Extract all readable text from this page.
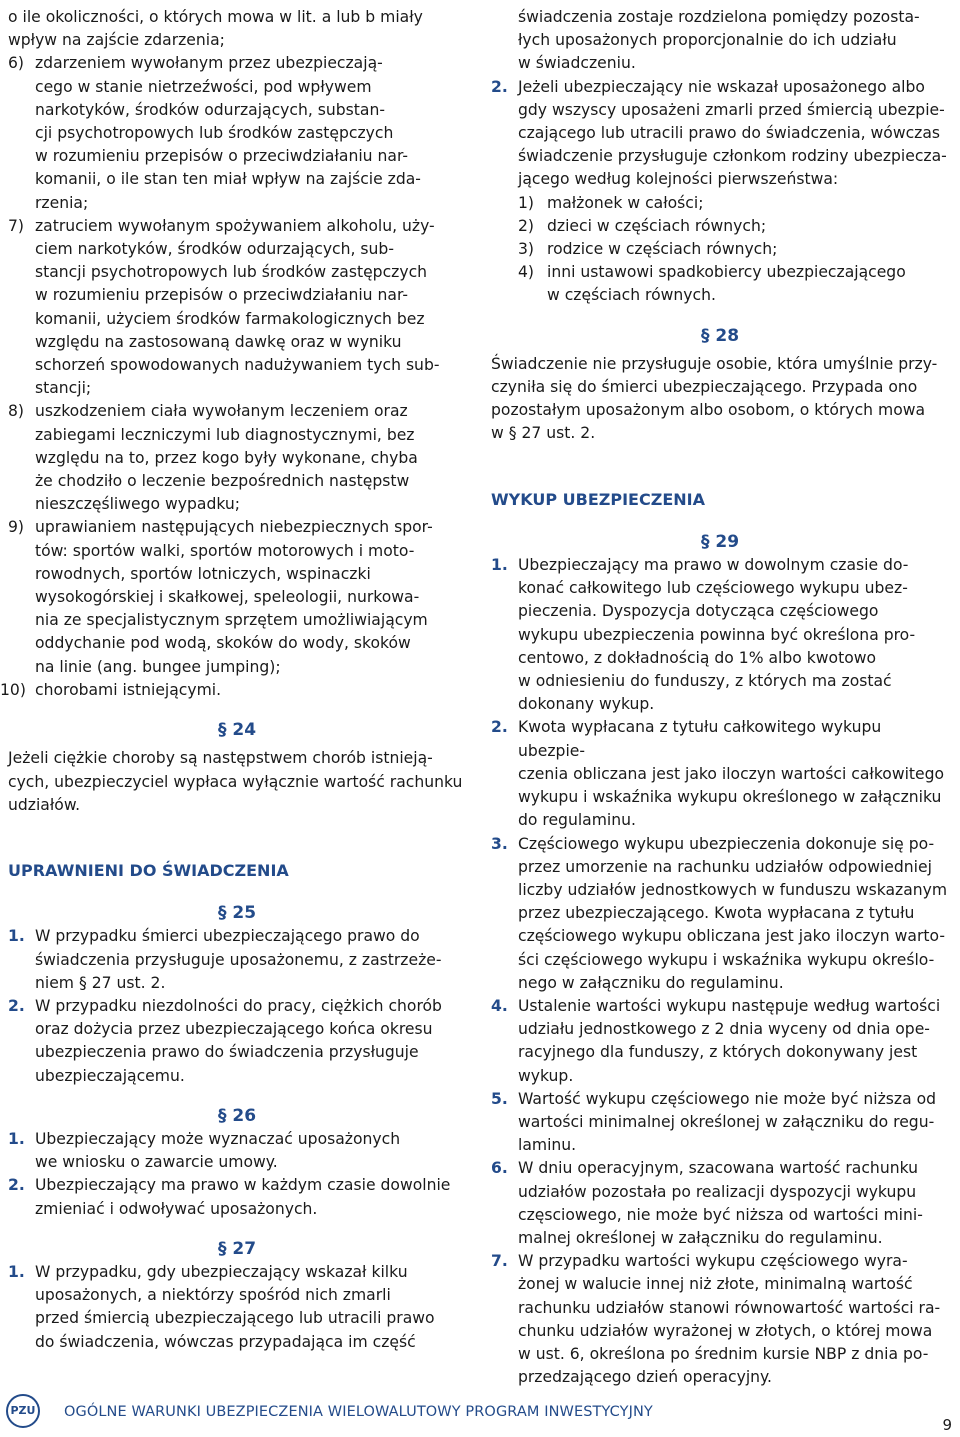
o ile okoliczności, o których mowa w lit. a lub b miały
wpływ na zajście zdarzenia;
6) zdarzeniem wywołanym przez ubezpieczają-
cego w stanie nietrzeźwości, pod wpływem
narkotyków, środków odurzających, substan-
cji psychotropowych lub środków zastępczych
w rozumieniu przepisów o przeciwdziałaniu nar-
komanii, o ile stan ten miał wpływ na zajście zda-
rzenia;
7) zatruciem wywołanym spożywaniem alkoholu, uży-
ciem narkotyków, środków odurzających, sub-
stancji psychotropowych lub środków zastępczych
w rozumieniu przepisów o przeciwdziałaniu nar-
komanii, użyciem środków farmakologicznych bez
względu na zastosowaną dawkę oraz w wyniku
schorzeń spowodowanych nadużywaniem tych sub-
stancji;
8) uszkodzeniem ciała wywołanym leczeniem oraz
zabiegami leczniczymi lub diagnostycznymi, bez
względu na to, przez kogo były wykonane, chyba
że chodziło o leczenie bezpośrednich następstw
nieszczęśliwego wypadku;
9) uprawianiem następujących niebezpiecznych spor-
tów: sportów walki, sportów motorowych i moto-
rowodnych, sportów lotniczych, wspinaczki
wysokogórskiej i skałkowej, speleologii, nurkowa-
nia ze specjalistycznym sprzętem umożliwiającym
oddychanie pod wodą, skoków do wody, skoków
na linie (ang. bungee jumping);
10) chorobami istniejącymi.
§ 24
Jeżeli ciężkie choroby są następstwem chorób istnieją-
cych, ubezpieczyciel wypłaca wyłącznie wartość rachunku
udziałów.
UPRAWNIENI DO ŚWIADCZENIA
§ 25
1. W przypadku śmierci ubezpieczającego prawo do
świadczenia przysługuje uposażonemu, z zastrzeże-
niem § 27 ust. 2.
2. W przypadku niezdolności do pracy, ciężkich chorób
oraz dożycia przez ubezpieczającego końca okresu
ubezpieczenia prawo do świadczenia przysługuje
ubezpieczającemu.
§ 26
1. Ubezpieczający może wyznaczać uposażonych
we wniosku o zawarcie umowy.
2. Ubezpieczający ma prawo w każdym czasie dowolnie
zmieniać i odwoływać uposażonych.
§ 27
1. W przypadku, gdy ubezpieczający wskazał kilku
uposażonych, a niektórzy spośród nich zmarli
przed śmiercią ubezpieczającego lub utracili prawo
do świadczenia, wówczas przypadająca im część
świadczenia zostaje rozdzielona pomiędzy pozosta-
łych uposażonych proporcjonalnie do ich udziału
w świadczeniu.
2. Jeżeli ubezpieczający nie wskazał uposażonego albo
gdy wszyscy uposażeni zmarli przed śmiercią ubezpie-
czającego lub utracili prawo do świadczenia, wówczas
świadczenie przysługuje członkom rodziny ubezpiecza-
jącego według kolejności pierwszeństwa:
1) małżonek w całości;
2) dzieci w częściach równych;
3) rodzice w częściach równych;
4) inni ustawowi spadkobiercy ubezpieczającego
w częściach równych.
§ 28
Świadczenie nie przysługuje osobie, która umyślnie przy-
czyniła się do śmierci ubezpieczającego. Przypada ono
pozostałym uposażonym albo osobom, o których mowa
w § 27 ust. 2.
WYKUP UBEZPIECZENIA
§ 29
1. Ubezpieczający ma prawo w dowolnym czasie do-
konać całkowitego lub częściowego wykupu ubez-
pieczenia. Dyspozycja dotycząca częściowego
wykupu ubezpieczenia powinna być określona pro-
centowo, z dokładnością do 1% albo kwotowo
w odniesieniu do funduszy, z których ma zostać
dokonany wykup.
2. Kwota wypłacana z tytułu całkowitego wykupu ubezpie-
czenia obliczana jest jako iloczyn wartości całkowitego
wykupu i wskaźnika wykupu określonego w załączniku
do regulaminu.
3. Częściowego wykupu ubezpieczenia dokonuje się po-
przez umorzenie na rachunku udziałów odpowiedniej
liczby udziałów jednostkowych w funduszu wskazanym
przez ubezpieczającego. Kwota wypłacana z tytułu
częściowego wykupu obliczana jest jako iloczyn warto-
ści częściowego wykupu i wskaźnika wykupu określo-
nego w załączniku do regulaminu.
4. Ustalenie wartości wykupu następuje według wartości
udziału jednostkowego z 2 dnia wyceny od dnia ope-
racyjnego dla funduszy, z których dokonywany jest
wykup.
5. Wartość wykupu częściowego nie może być niższa od
wartości minimalnej określonej w załączniku do regu-
laminu.
6. W dniu operacyjnym, szacowana wartość rachunku
udziałów pozostała po realizacji dyspozycji wykupu
częsciowego, nie może być niższa od wartości mini-
malnej określonej w załączniku do regulaminu.
7. W przypadku wartości wykupu częściowego wyra-
żonej w walucie innej niż złote, minimalną wartość
rachunku udziałów stanowi równowartość wartości ra-
chunku udziałów wyrażonej w złotych, o której mowa
w ust. 6, określona po średnim kursie NBP z dnia po-
przedzającego dzień operacyjny.
PZU	OGÓLNE WARUNKI UBEZPIECZENIA WIELOWALUTOWY PROGRAM INWESTYCYJNY
9
